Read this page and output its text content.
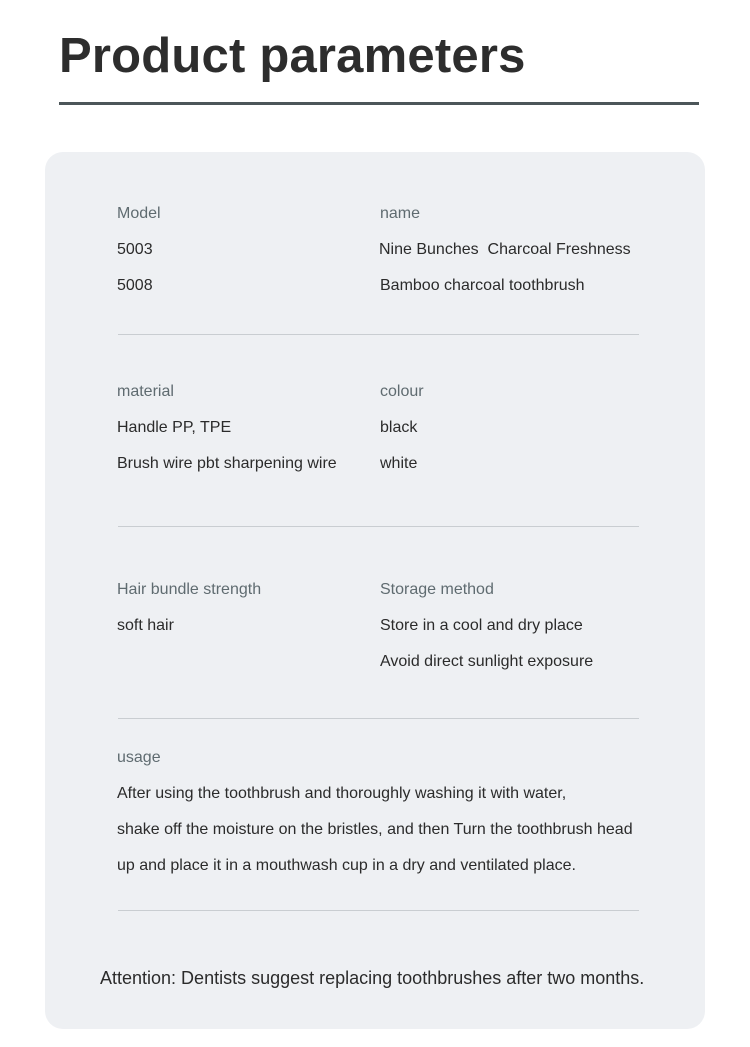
Product parameters
Model
5003
5008
name
Nine Bunches  Charcoal Freshness
Bamboo charcoal toothbrush
material
Handle PP, TPE
Brush wire pbt sharpening wire
colour
black
white
Hair bundle strength
soft hair
Storage method
Store in a cool and dry place
Avoid direct sunlight exposure
usage
After using the toothbrush and thoroughly washing it with water,
shake off the moisture on the bristles, and then Turn the toothbrush head
up and place it in a mouthwash cup in a dry and ventilated place.
Attention: Dentists suggest replacing toothbrushes after two months.
